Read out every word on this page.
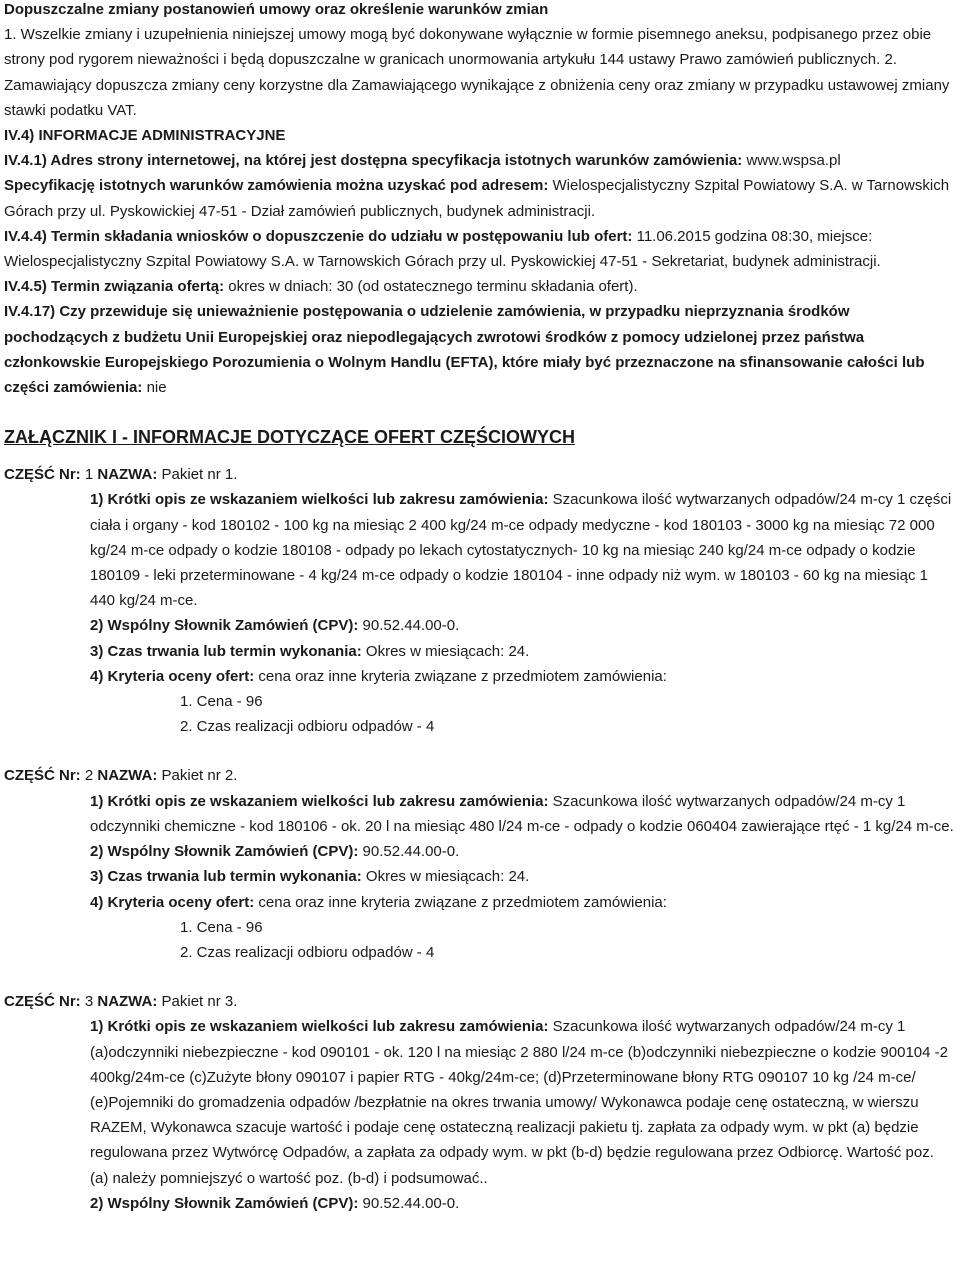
Dopuszczalne zmiany postanowień umowy oraz określenie warunków zmian

1. Wszelkie zmiany i uzupełnienia niniejszej umowy mogą być dokonywane wyłącznie w formie pisemnego aneksu, podpisanego przez obie strony pod rygorem nieważności i będą dopuszczalne w granicach unormowania artykułu 144 ustawy Prawo zamówień publicznych. 2. Zamawiający dopuszcza zmiany ceny korzystne dla Zamawiającego wynikające z obniżenia ceny oraz zmiany w przypadku ustawowej zmiany stawki podatku VAT.

IV.4) INFORMACJE ADMINISTRACYJNE

IV.4.1) Adres strony internetowej, na której jest dostępna specyfikacja istotnych warunków zamówienia: www.wspsa.pl

Specyfikację istotnych warunków zamówienia można uzyskać pod adresem: Wielospecjalistyczny Szpital Powiatowy S.A. w Tarnowskich Górach przy ul. Pyskowickiej 47-51 - Dział zamówień publicznych, budynek administracji.

IV.4.4) Termin składania wniosków o dopuszczenie do udziału w postępowaniu lub ofert: 11.06.2015 godzina 08:30, miejsce: Wielospecjalistyczny Szpital Powiatowy S.A. w Tarnowskich Górach przy ul. Pyskowickiej 47-51 - Sekretariat, budynek administracji.

IV.4.5) Termin związania ofertą: okres w dniach: 30 (od ostatecznego terminu składania ofert).

IV.4.17) Czy przewiduje się unieważnienie postępowania o udzielenie zamówienia, w przypadku nieprzyznania środków pochodzących z budżetu Unii Europejskiej oraz niepodlegających zwrotowi środków z pomocy udzielonej przez państwa członkowskie Europejskiego Porozumienia o Wolnym Handlu (EFTA), które miały być przeznaczone na sfinansowanie całości lub części zamówienia: nie

ZAŁĄCZNIK I - INFORMACJE DOTYCZĄCE OFERT CZĘŚCIOWYCH

CZĘŚĆ Nr: 1 NAZWA: Pakiet nr 1.

1) Krótki opis ze wskazaniem wielkości lub zakresu zamówienia: Szacunkowa ilość wytwarzanych odpadów/24 m-cy 1 części ciała i organy - kod 180102 - 100 kg na miesiąc 2 400 kg/24 m-ce odpady medyczne - kod 180103 - 3000 kg na miesiąc 72 000 kg/24 m-ce odpady o kodzie 180108 - odpady po lekach cytostatycznych- 10 kg na miesiąc 240 kg/24 m-ce odpady o kodzie 180109 - leki przeterminowane - 4 kg/24 m-ce odpady o kodzie 180104 - inne odpady niż wym. w 180103 - 60 kg na miesiąc 1 440 kg/24 m-ce.

2) Wspólny Słownik Zamówień (CPV): 90.52.44.00-0.

3) Czas trwania lub termin wykonania: Okres w miesiącach: 24.

4) Kryteria oceny ofert: cena oraz inne kryteria związane z przedmiotem zamówienia:

1. Cena - 96

2. Czas realizacji odbioru odpadów - 4

CZĘŚĆ Nr: 2 NAZWA: Pakiet nr 2.

1) Krótki opis ze wskazaniem wielkości lub zakresu zamówienia: Szacunkowa ilość wytwarzanych odpadów/24 m-cy 1 odczynniki chemiczne - kod 180106 - ok. 20 l na miesiąc 480 l/24 m-ce - odpady o kodzie 060404 zawierające rtęć - 1 kg/24 m-ce.

2) Wspólny Słownik Zamówień (CPV): 90.52.44.00-0.

3) Czas trwania lub termin wykonania: Okres w miesiącach: 24.

4) Kryteria oceny ofert: cena oraz inne kryteria związane z przedmiotem zamówienia:

1. Cena - 96

2. Czas realizacji odbioru odpadów - 4

CZĘŚĆ Nr: 3 NAZWA: Pakiet nr 3.

1) Krótki opis ze wskazaniem wielkości lub zakresu zamówienia: Szacunkowa ilość wytwarzanych odpadów/24 m-cy 1 (a)odczynniki niebezpieczne - kod 090101 - ok. 120 l na miesiąc 2 880 l/24 m-ce (b)odczynniki niebezpieczne o kodzie 900104 -2 400kg/24m-ce (c)Zużyte błony 090107 i papier RTG - 40kg/24m-ce; (d)Przeterminowane błony RTG 090107 10 kg /24 m-ce/ (e)Pojemniki do gromadzenia odpadów /bezpłatnie na okres trwania umowy/ Wykonawca podaje cenę ostateczną, w wierszu RAZEM, Wykonawca szacuje wartość i podaje cenę ostateczną realizacji pakietu tj. zapłata za odpady wym. w pkt (a) będzie regulowana przez Wytwórcę Odpadów, a zapłata za odpady wym. w pkt (b-d) będzie regulowana przez Odbiorcę. Wartość poz. (a) należy pomniejszyć o wartość poz. (b-d) i podsumować..

2) Wspólny Słownik Zamówień (CPV): 90.52.44.00-0.
